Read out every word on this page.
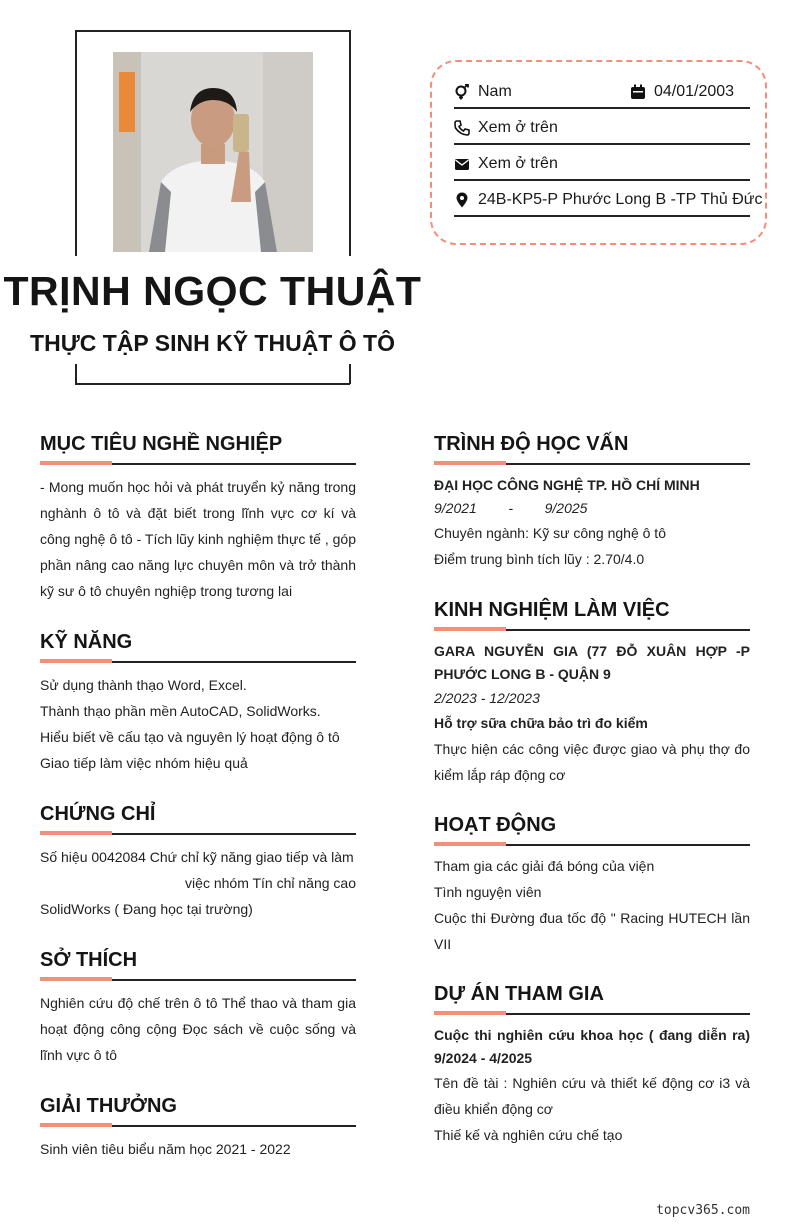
TRỊNH NGỌC THUẬT
THỰC TẬP SINH KỸ THUẬT Ô TÔ
Nam	04/01/2003
Xem ở trên
Xem ở trên
24B-KP5-P Phước Long B -TP Thủ Đức
MỤC TIÊU NGHỀ NGHIỆP
- Mong muốn học hỏi và phát truyển kỷ năng trong nghành ô tô và đặt biết trong lĩnh vực cơ kí và công nghệ ô tô - Tích lũy kinh nghiệm thực tế , góp phần nâng cao năng lực chuyên môn và trở thành kỹ sư ô tô chuyên nghiệp trong tương lai
KỸ NĂNG
Sử dụng thành thạo Word, Excel.
Thành thạo phần mền AutoCAD, SolidWorks.
Hiểu biết về cấu tạo và nguyên lý hoạt động ô tô
Giao tiếp làm việc nhóm hiệu quả
CHỨNG CHỈ
Số hiệu 0042084 Chứ chỉ kỹ năng giao tiếp và làm
việc nhóm Tín chỉ năng cao
SolidWorks ( Đang học tại trường)
SỞ THÍCH
Nghiên cứu độ chế trên ô tô Thể thao và tham gia hoạt động công cộng Đọc sách về cuộc sống và lĩnh vực ô tô
GIẢI THƯỞNG
Sinh viên tiêu biểu năm học 2021 - 2022
TRÌNH ĐỘ HỌC VẤN
ĐẠI HỌC CÔNG NGHỆ TP. HỒ CHÍ MINH
9/2021 - 9/2025
Chuyên ngành: Kỹ sư công nghệ ô tô
Điểm trung bình tích lũy : 2.70/4.0
KINH NGHIỆM LÀM VIỆC
GARA NGUYỄN GIA (77 ĐỖ XUÂN HỢP -P PHƯỚC LONG B - QUẬN 9
2/2023 - 12/2023
Hỗ trợ sữa chữa bảo trì đo kiểm
Thực hiện các công việc được giao và phụ thợ đo kiểm lắp ráp động cơ
HOẠT ĐỘNG
Tham gia các giải đá bóng của viện
Tình nguyện viên
Cuộc thi Đường đua tốc độ " Racing HUTECH lần VII
DỰ ÁN THAM GIA
Cuộc thi nghiên cứu khoa học ( đang diễn ra) 9/2024 - 4/2025
Tên đề tài : Nghiên cứu và thiết kế động cơ i3 và điều khiển động cơ
Thiế kế và nghiên cứu chế tạo
topcv365.com
